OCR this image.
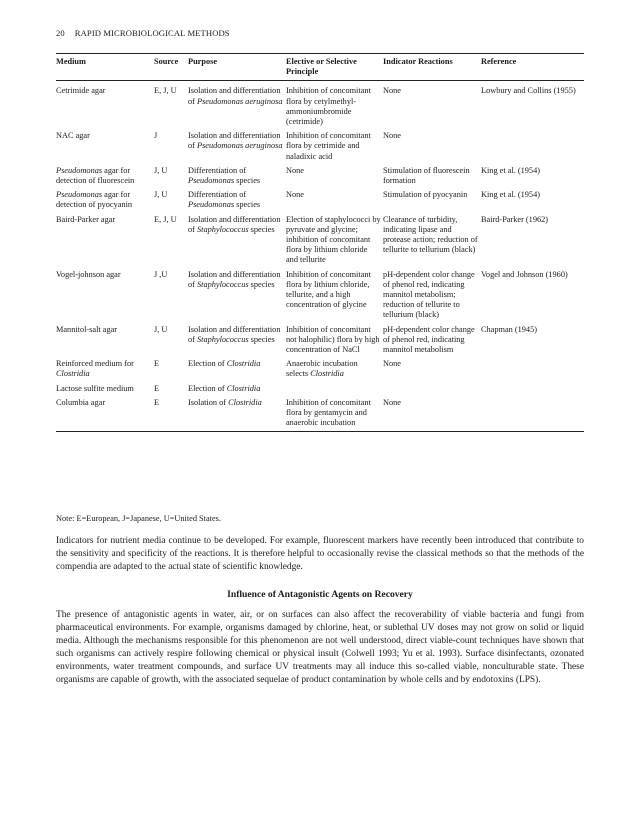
20 RAPID MICROBIOLOGICAL METHODS
Medium	Source	Purpose	Elective or Selective Principle	Indicator Reactions	Reference
Cetrimide agar	E, J, U	Isolation and differentiation of Pseudomonas aeruginosa	Inhibition of concomitant flora by cetylmethyl-ammoniumbromide (cetrimide)	None	Lowbury and Collins (1955)
NAC agar	J	Isolation and differentiation of Pseudomonas aeruginosa	Inhibition of concomitant flora by cetrimide and naladixic acid	None	
Pseudomonas agar for detection of fluorescein	J, U	Differentiation of Pseudomonas species	None	Stimulation of fluorescein formation	King et al. (1954)
Pseudomonas agar for detection of pyocyanin	J, U	Differentiation of Pseudomonas species	None	Stimulation of pyocyanin	King et al. (1954)
Baird-Parker agar	E, J, U	Isolation and differentiation of Staphylococcus species	Election of staphylococci by pyruvate and glycine; inhibition of concomitant flora by lithium chloride and tellurite	Clearance of turbidity, indicating lipase and protease action; reduction of tellurite to tellurium (black)	Baird-Parker (1962)
Vogel-johnson agar	J ,U	Isolation and differentiation of Staphylococcus species	Inhibition of concomitant flora by lithium chloride, tellurite, and a high concentration of glycine	pH-dependent color change of phenol red, indicating mannitol metabolism; reduction of tellurite to tellurium (black)	Vogel and Johnson (1960)
Mannitol-salt agar	J, U	Isolation and differentiation of Staphylococcus species	Inhibition of concomitant not halophilic) flora by high concentration of NaCl	pH-dependent color change of phenol red, indicating mannitol metabolism	Chapman (1945)
Reinforced medium for Clostridia	E	Election of Clostridia	Anaerobic incubation selects Clostridia	None	
Lactose sulfite medium	E	Election of Clostridia			
Columbia agar	E	Isolation of Clostridia	Inhibition of concomitant flora by gentamycin and anaerobic incubation	None	
Note: E=European, J=Japanese, U=United States.

Indicators for nutrient media continue to be developed. For example, fluorescent markers have recently been introduced that contribute to the sensitivity and specificity of the reactions. It is therefore helpful to occasionally revise the classical methods so that the methods of the compendia are adapted to the actual state of scientific knowledge.

Influence of Antagonistic Agents on Recovery

The presence of antagonistic agents in water, air, or on surfaces can also affect the recoverability of viable bacteria and fungi from pharmaceutical environments. For example, organisms damaged by chlorine, heat, or sublethal UV doses may not grow on solid or liquid media. Although the mechanisms responsible for this phenomenon are not well understood, direct viable-count techniques have shown that such organisms can actively respire following chemical or physical insult (Colwell 1993; Yu et al. 1993). Surface disinfectants, ozonated environments, water treatment compounds, and surface UV treatments may all induce this so-called viable, nonculturable state. These organisms are capable of growth, with the associated sequelae of product contamination by whole cells and by endotoxins (LPS).
